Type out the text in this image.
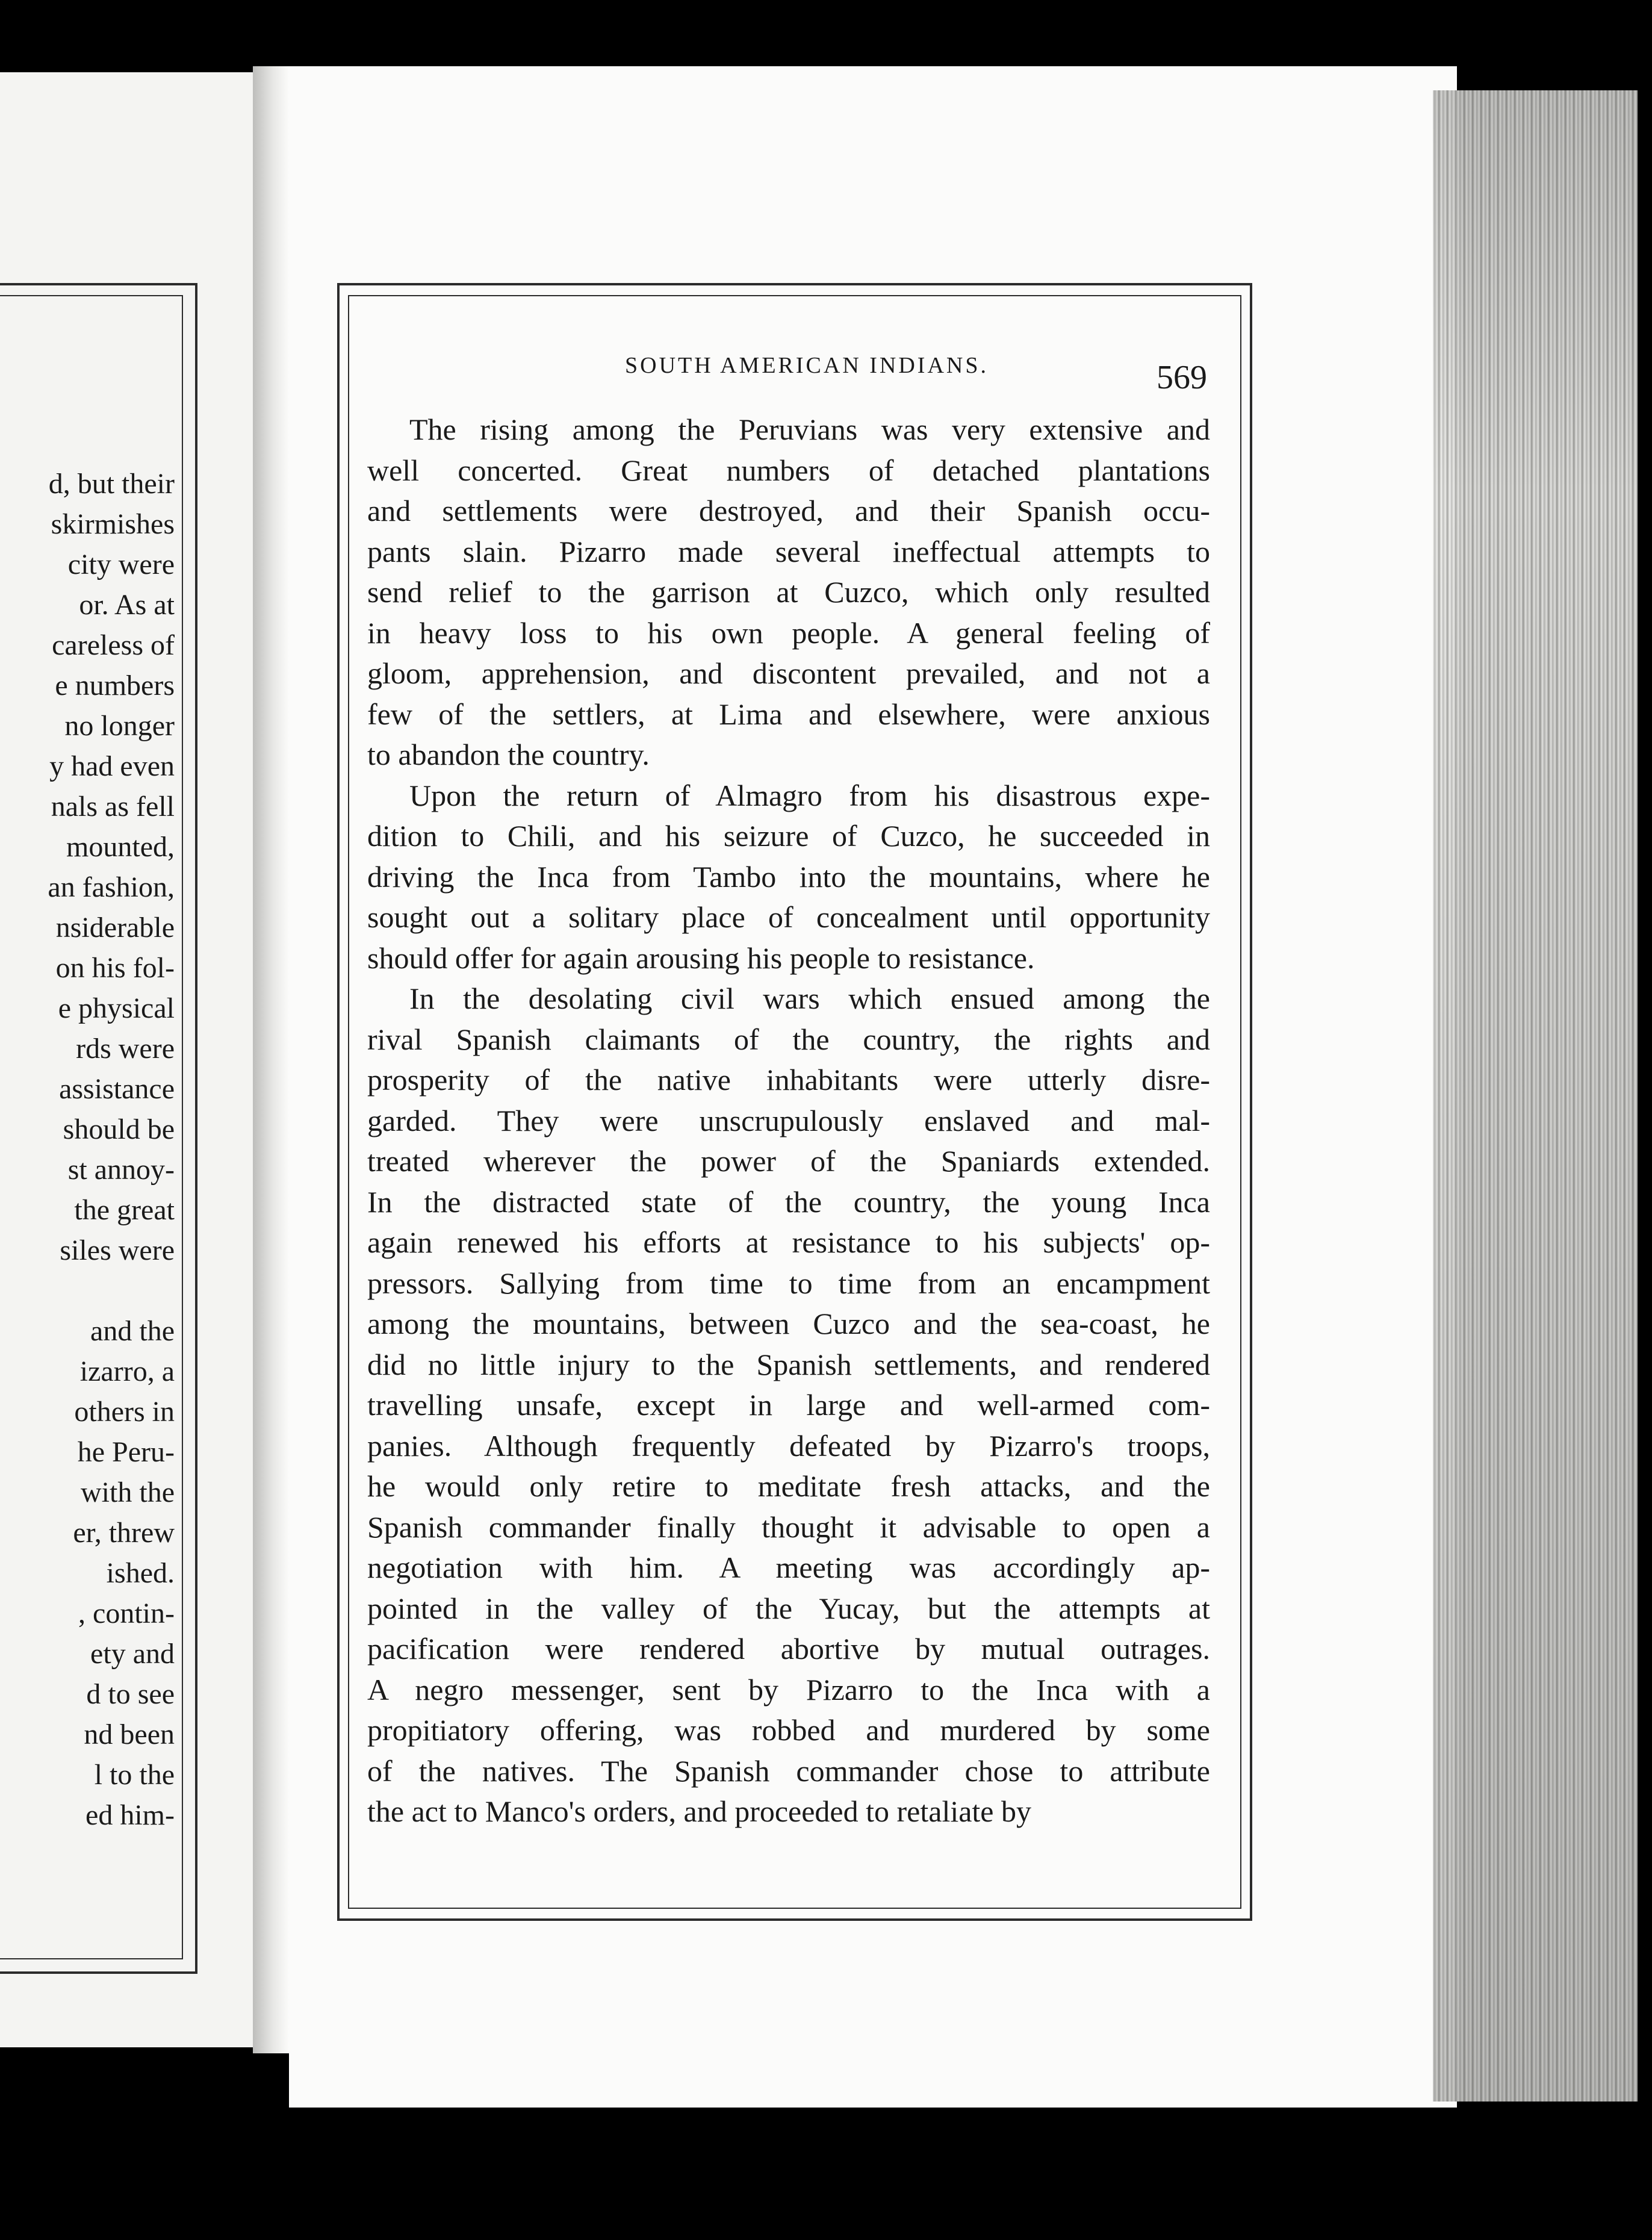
d, but their
skirmishes
city were
or. As at
careless of
e numbers
no longer
y had even
nals as fell
mounted,
an fashion,
nsiderable
on his fol-
e physical
rds were
assistance
should be
st annoy-
the great
siles were
and the
izarro, a
others in
he Peru-
with the
er, threw
ished.
, contin-
ety and
d to see
nd been
l to the
ed him-
SOUTH AMERICAN INDIANS.	569

The rising among the Peruvians was very extensive and
well concerted. Great numbers of detached plantations
and settlements were destroyed, and their Spanish occu-
pants slain. Pizarro made several ineffectual attempts to
send relief to the garrison at Cuzco, which only resulted
in heavy loss to his own people. A general feeling of
gloom, apprehension, and discontent prevailed, and not a
few of the settlers, at Lima and elsewhere, were anxious
to abandon the country.

Upon the return of Almagro from his disastrous expe-
dition to Chili, and his seizure of Cuzco, he succeeded in
driving the Inca from Tambo into the mountains, where he
sought out a solitary place of concealment until opportunity
should offer for again arousing his people to resistance.

In the desolating civil wars which ensued among the
rival Spanish claimants of the country, the rights and
prosperity of the native inhabitants were utterly disre-
garded. They were unscrupulously enslaved and mal-
treated wherever the power of the Spaniards extended.
In the distracted state of the country, the young Inca
again renewed his efforts at resistance to his subjects' op-
pressors. Sallying from time to time from an encampment
among the mountains, between Cuzco and the sea-coast, he
did no little injury to the Spanish settlements, and rendered
travelling unsafe, except in large and well-armed com-
panies. Although frequently defeated by Pizarro's troops,
he would only retire to meditate fresh attacks, and the
Spanish commander finally thought it advisable to open a
negotiation with him. A meeting was accordingly ap-
pointed in the valley of the Yucay, but the attempts at
pacification were rendered abortive by mutual outrages.
A negro messenger, sent by Pizarro to the Inca with a
propitiatory offering, was robbed and murdered by some
of the natives. The Spanish commander chose to attribute
the act to Manco's orders, and proceeded to retaliate by
